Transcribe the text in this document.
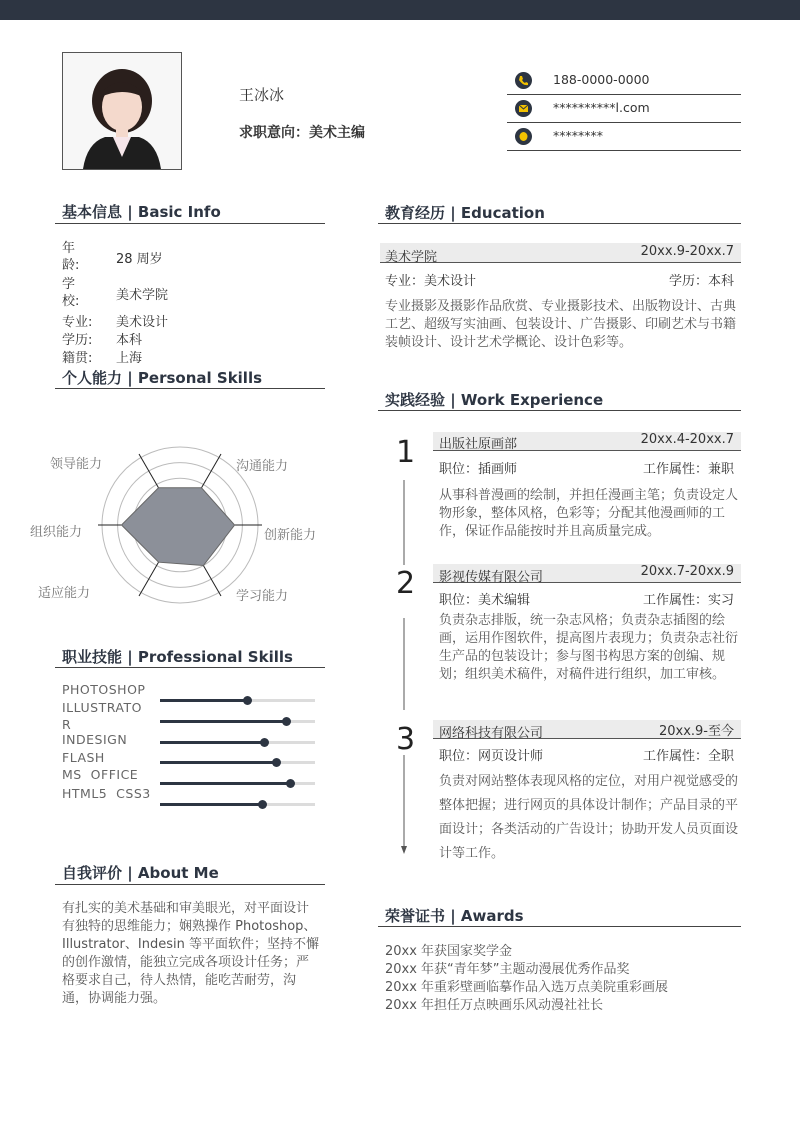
王冰冰
求职意向：美术主编
188-0000-0000
**********l.com
********
基本信息 | Basic Info
年
龄:	28 周岁
学
校:	美术学院
专业: 美术设计
学历: 本科
籍贯: 上海
个人能力 | Personal Skills
沟通能力
创新能力
学习能力
适应能力
组织能力
领导能力
职业技能 | Professional Skills
PHOTOSHOP
ILLUSTRATO
R
INDESIGN
FLASH
MS  OFFICE
HTML5  CSS3
自我评价 | About Me
有扎实的美术基础和审美眼光，对平面设计有独特的思维能力；娴熟操作 Photoshop、Illustrator、Indesin 等平面软件；坚持不懈的创作激情，能独立完成各项设计任务；严格要求自己，待人热情，能吃苦耐劳，沟通，协调能力强。
教育经历 | Education
美术学院	20xx.9-20xx.7
专业：美术设计	学历：本科
专业摄影及摄影作品欣赏、专业摄影技术、出版物设计、古典工艺、超级写实油画、包装设计、广告摄影、印刷艺术与书籍装帧设计、设计艺术学概论、设计色彩等。
实践经验 | Work Experience
1 出版社原画部	20xx.4-20xx.7
职位：插画师	工作属性：兼职
从事科普漫画的绘制，并担任漫画主笔；负责设定人物形象，整体风格，色彩等；分配其他漫画师的工作，保证作品能按时并且高质量完成。
2 影视传媒有限公司	20xx.7-20xx.9
职位：美术编辑	工作属性：实习
负责杂志排版，统一杂志风格；负责杂志插图的绘画，运用作图软件，提高图片表现力；负责杂志社衍生产品的包装设计；参与图书构思方案的创编、规划；组织美术稿件，对稿件进行组织，加工审核。
3 网络科技有限公司	20xx.9-至今
职位：网页设计师	工作属性：全职
负责对网站整体表现风格的定位，对用户视觉感受的整体把握；进行网页的具体设计制作；产品目录的平面设计；各类活动的广告设计；协助开发人员页面设计等工作。
荣誉证书 | Awards
20xx 年获国家奖学金
20xx 年获“青年梦”主题动漫展优秀作品奖
20xx 年重彩壁画临摹作品入选万点美院重彩画展
20xx 年担任万点映画乐风动漫社社长
